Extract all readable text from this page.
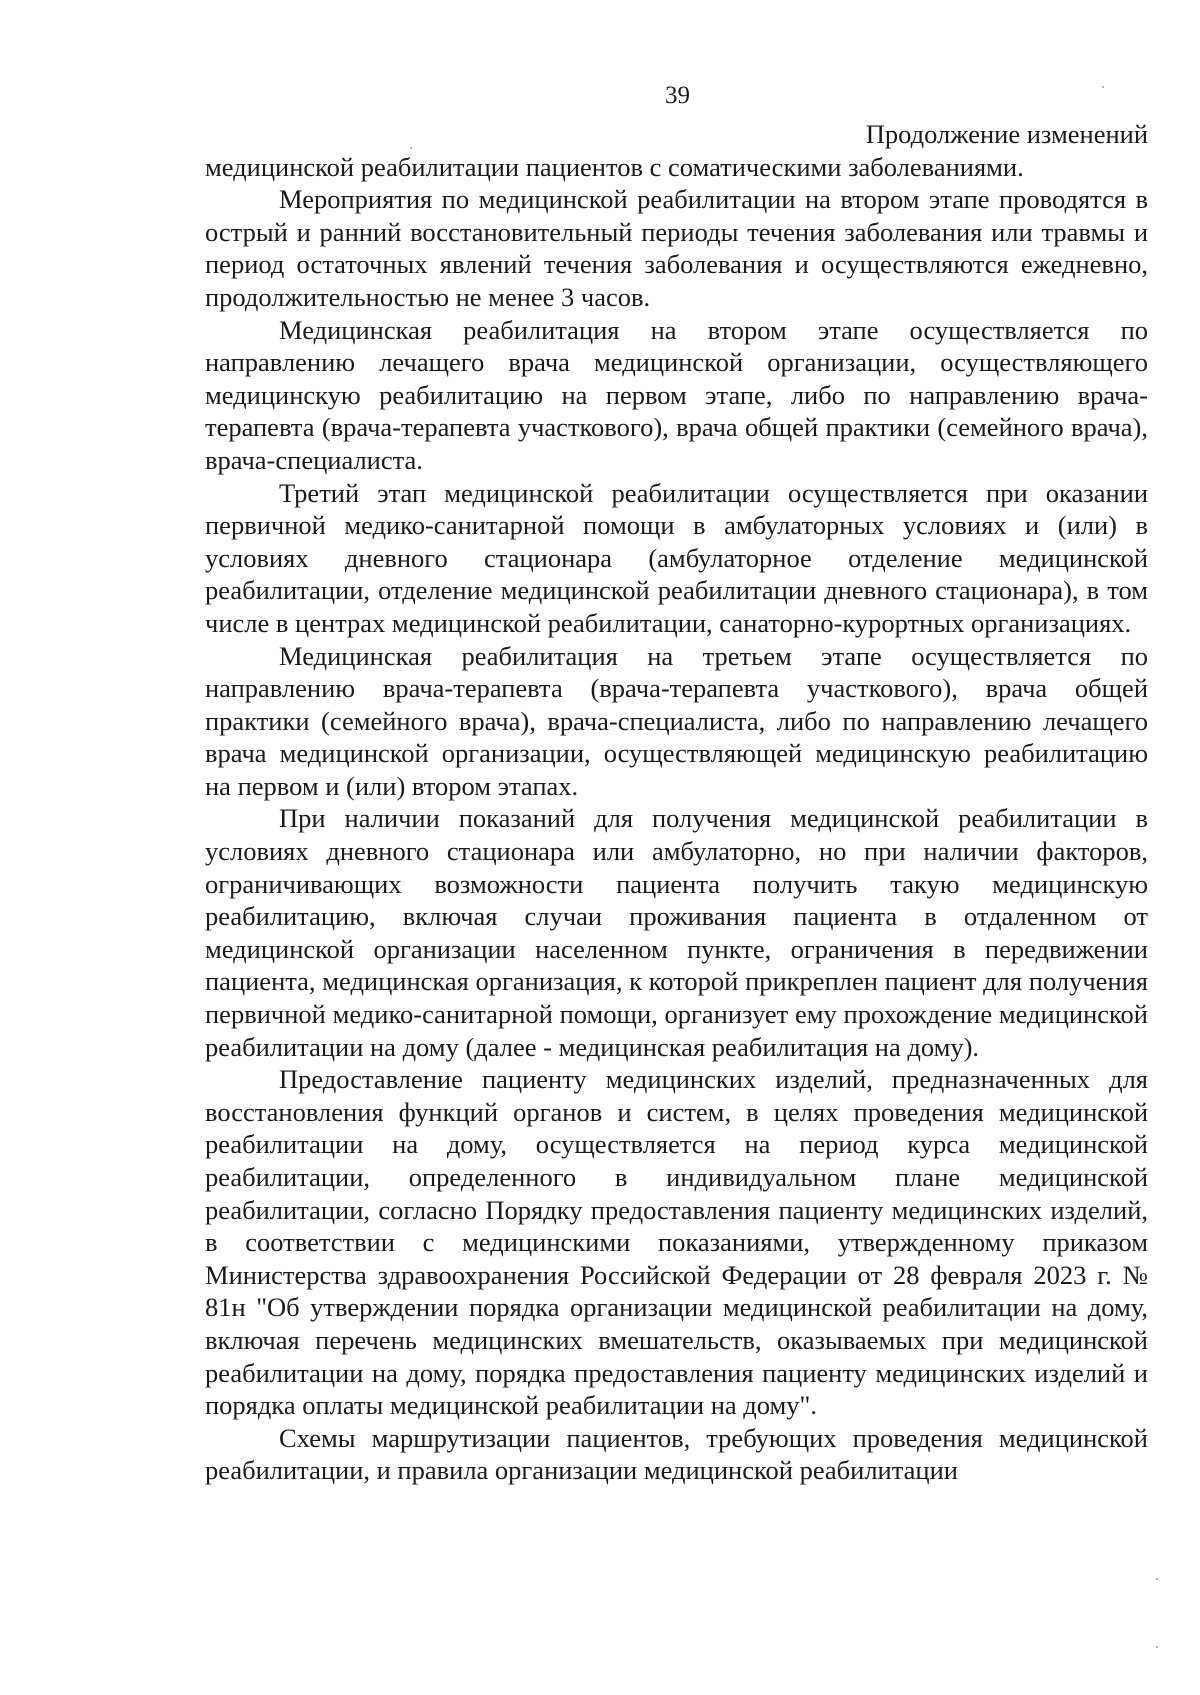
39

Продолжение изменений

медицинской реабилитации пациентов с соматическими заболеваниями.

Мероприятия по медицинской реабилитации на втором этапе проводятся в острый и ранний восстановительный периоды течения заболевания или травмы и период остаточных явлений течения заболевания и осуществляются ежедневно, продолжительностью не менее 3 часов.

Медицинская реабилитация на втором этапе осуществляется по направлению лечащего врача медицинской организации, осуществляющего медицинскую реабилитацию на первом этапе, либо по направлению врача-терапевта (врача-терапевта участкового), врача общей практики (семейного врача), врача-специалиста.

Третий этап медицинской реабилитации осуществляется при оказании первичной медико-санитарной помощи в амбулаторных условиях и (или) в условиях дневного стационара (амбулаторное отделение медицинской реабилитации, отделение медицинской реабилитации дневного стационара), в том числе в центрах медицинской реабилитации, санаторно-курортных организациях.

Медицинская реабилитация на третьем этапе осуществляется по направлению врача-терапевта (врача-терапевта участкового), врача общей практики (семейного врача), врача-специалиста, либо по направлению лечащего врача медицинской организации, осуществляющей медицинскую реабилитацию на первом и (или) втором этапах.

При наличии показаний для получения медицинской реабилитации в условиях дневного стационара или амбулаторно, но при наличии факторов, ограничивающих возможности пациента получить такую медицинскую реабилитацию, включая случаи проживания пациента в отдаленном от медицинской организации населенном пункте, ограничения в передвижении пациента, медицинская организация, к которой прикреплен пациент для получения первичной медико-санитарной помощи, организует ему прохождение медицинской реабилитации на дому (далее - медицинская реабилитация на дому).

Предоставление пациенту медицинских изделий, предназначенных для восстановления функций органов и систем, в целях проведения медицинской реабилитации на дому, осуществляется на период курса медицинской реабилитации, определенного в индивидуальном плане медицинской реабилитации, согласно Порядку предоставления пациенту медицинских изделий, в соответствии с медицинскими показаниями, утвержденному приказом Министерства здравоохранения Российской Федерации от 28 февраля 2023 г. № 81н "Об утверждении порядка организации медицинской реабилитации на дому, включая перечень медицинских вмешательств, оказываемых при медицинской реабилитации на дому, порядка предоставления пациенту медицинских изделий и порядка оплаты медицинской реабилитации на дому".

Схемы маршрутизации пациентов, требующих проведения медицинской реабилитации, и правила организации медицинской реабилитации
